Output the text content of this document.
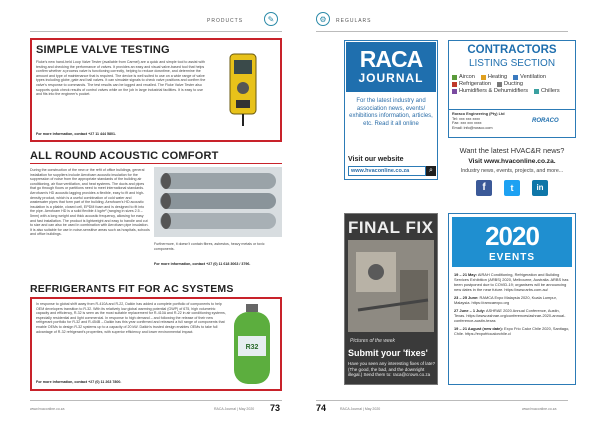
PRODUCTS	✎
SIMPLE VALVE TESTING
Fluke's new hand-held Loop Valve Tester (available from Carmel) are a quick and simple tool to assist with testing and checking the performance of valves. It provides an easy and visual valve-based tool that helps confirm whether a process valve is functioning correctly, helping to reduce downtime, and determine the amount and type of maintenance that is required. The device is well suited to use on a wide range of valve types including globe, gate and ball valves. It can simulate signals to check valve positions and confirm the valve's response to commands. The test results can be logged and recalled. The Fluke Valve Tester also supports quick check results of control valves while on the job in large industrial facilities. It is easy to use and fits into the engineer's pocket.
For more information, contact +27 11 444 5801.
ALL ROUND ACOUSTIC COMFORT
During the construction of the new or the refit of office buildings, general installation for suppliers include Aerofoam acoustic insulation for the suppression of noise from the appropriate standards of the building air conditioning, air flow ventilation, and heat systems. The ducts and pipes that go through floors or partitions need to meet international standards. Aerofoam's HD acoustic lagging provides a flexible, easy to fit and high-density product, which is a useful combination of cold water and wastewater pipes that form part of the building. Aerofoam's HD acoustic insulation is a pliable, closed cell, EPDM foam and is designed to fit into the pipe. Aerofoam HD is a solid flexible 4 kg/m² (ranging in sizes 2.5 – 5mm) with a long weight and thick acoustic frequency, allowing for easy and fast installation. The product is lightweight and easy to handle and cut to size and can also be used in combination with Aerofoam pipe insulation. It is also suitable for use in noise-sensitive areas such as hospitals, schools and office buildings.
Furthermore, it doesn't contain fibres, asbestos, heavy metals or toxic components.
For more information, contact +27 (0) 11 618 3063 / 3796.
REFRIGERANTS FIT FOR AC SYSTEMS
In response to global shift away from R-410A and R-22, Daikin has added a complete portfolio of components to help OEM developers transition to R-32. With its relatively low global warming potential (GWP) of 675, high volumetric capacity and efficiency, R-32 is seen as the most suitable replacement for R-410A and R-22 in air conditioning systems, especially residential and light commercial. In response to high demand – and following the release of their new refrigerant portfolio for R-32 and R-454B – Daikin has this year confirmed and released a full range of components that enable OEMs to design R-32 systems up to a capacity of 20 kW. Daikin's trusted design enables OEMs to take full advantage of R-32 refrigerant's properties, with superior efficiency and lower environmental impact.
For more information, contact +27 (0) 11 263 7800.
R32
www.hvaconline.co.za	RACA Journal | May 2020 73
⚙	REGULARS
RACA
JOURNAL
For the latest industry and association news, events/ exhibitions information, articles, etc. Read it all online
Visit our website
www.hvaconline.co.za	⌕
CONTRACTORS
LISTING SECTION
Aircon Heating Ventilation
Refrigeration Ducting
Humidifiers & Dehumidifiers Chillers
Roraco Engineering (Pty) Ltd
Tel: xxx xxx xxxx
Fax: xxx xxx xxxx
Email: info@roraco.com
RORACO
Want the latest HVAC&R news?
Visit www.hvaconline.co.za.
Industry news, events, projects, and more...
f	t	in
FINAL FIX
Pictures of the week
Submit your 'fixes'
Have you seen any interesting fixes of late? (The good, the bad, and the downright illegal.) Send them to: raca@crown.co.za
2020
EVENTS
19 – 21 May: AIRAH Conditioning, Refrigeration and Building Services Exhibition (ARBS) 2020, Melbourne, Australia. ARBS has been postponed due to COVID-19; organisers will be announcing new dates in the near future. https://www.arbs.com.au/
23 – 25 June: RAMCA Expo Malaysia 2020, Kuala Lumpur, Malaysia. https://ramcaexpo.org
27 June – 1 July: ASHRAE 2020 Annual Conference, Austin, Texas. https://www.ashrae.org/conferences/ashrae-2020-annual-conference-austin-texas
19 – 21 August (new date): Expo Frio Calor Chile 2020, Santiago, Chile. https://expofriocalorchile.cl
74	RACA Journal | May 2020	www.hvaconline.co.za
